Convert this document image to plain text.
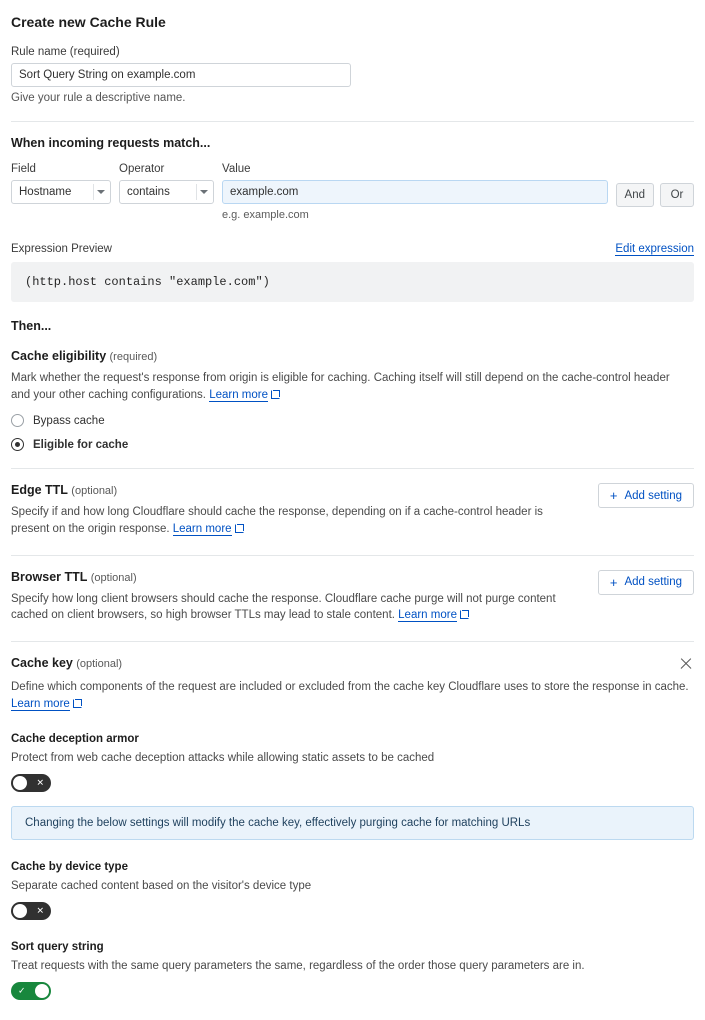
Create new Cache Rule
Rule name (required)
Sort Query String on example.com
Give your rule a descriptive name.
When incoming requests match...
Field
Hostname
Operator
contains
Value
example.com
e.g. example.com
And	Or
Expression Preview	Edit expression
(http.host contains "example.com")
Then...
Cache eligibility (required)
Mark whether the request's response from origin is eligible for caching. Caching itself will still depend on the cache-control header and your other caching configurations. Learn more
Bypass cache
Eligible for cache
Edge TTL (optional)
Specify if and how long Cloudflare should cache the response, depending on if a cache-control header is present on the origin response. Learn more
+ Add setting
Browser TTL (optional)
Specify how long client browsers should cache the response. Cloudflare cache purge will not purge content cached on client browsers, so high browser TTLs may lead to stale content. Learn more
+ Add setting
Cache key (optional)
Define which components of the request are included or excluded from the cache key Cloudflare uses to store the response in cache.
Learn more
Cache deception armor
Protect from web cache deception attacks while allowing static assets to be cached
✕
Changing the below settings will modify the cache key, effectively purging cache for matching URLs
Cache by device type
Separate cached content based on the visitor's device type
✕
Sort query string
Treat requests with the same query parameters the same, regardless of the order those query parameters are in.
✓
